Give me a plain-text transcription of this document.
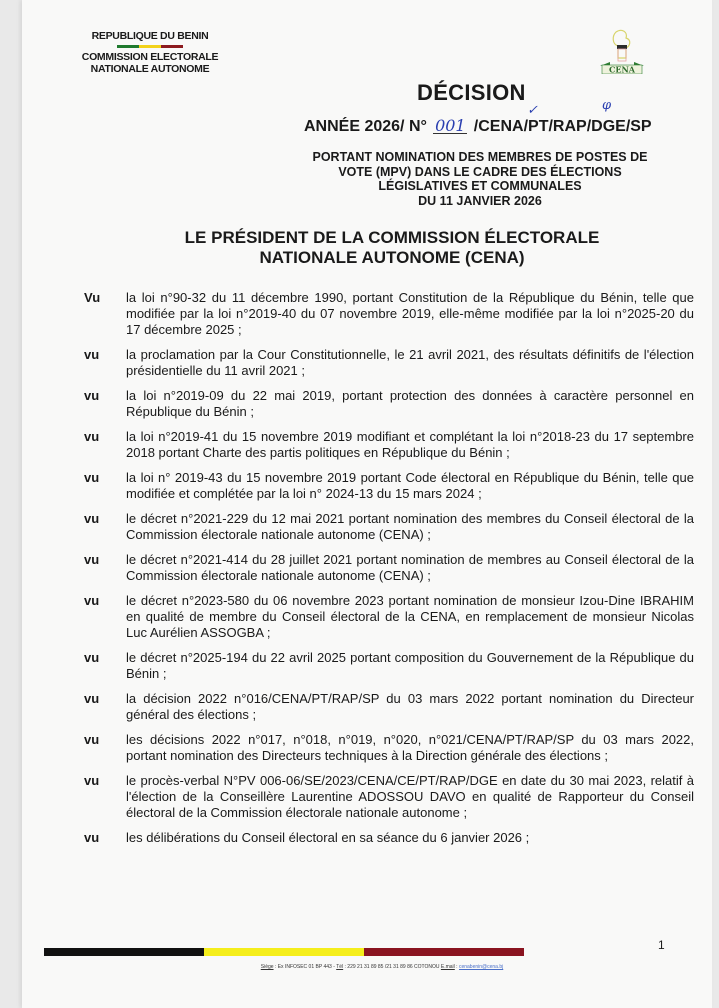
REPUBLIQUE DU BENIN
COMMISSION ELECTORALE
NATIONALE AUTONOME	CENA
✓	φ
DÉCISION
ANNÉE 2026/ N° 001 /CENA/PT/RAP/DGE/SP
PORTANT NOMINATION DES MEMBRES DE POSTES DE
VOTE (MPV) DANS LE CADRE DES ÉLECTIONS
LÉGISLATIVES ET COMMUNALES
DU 11 JANVIER 2026
LE PRÉSIDENT DE LA COMMISSION ÉLECTORALE
NATIONALE AUTONOME (CENA)
Vu	la loi n°90-32 du 11 décembre 1990, portant Constitution de la République du Bénin, telle que modifiée par la loi n°2019-40 du 07 novembre 2019, elle-même modifiée par la loi n°2025-20 du 17 décembre 2025 ;
vu	la proclamation par la Cour Constitutionnelle, le 21 avril 2021, des résultats définitifs de l'élection présidentielle du 11 avril 2021 ;
vu	la loi n°2019-09 du 22 mai 2019, portant protection des données à caractère personnel en République du Bénin ;
vu	la loi n°2019-41 du 15 novembre 2019 modifiant et complétant la loi n°2018-23 du 17 septembre 2018 portant Charte des partis politiques en République du Bénin ;
vu	la loi n° 2019-43 du 15 novembre 2019 portant Code électoral en République du Bénin, telle que modifiée et complétée par la loi n° 2024-13 du 15 mars 2024 ;
vu	le décret n°2021-229 du 12 mai 2021 portant nomination des membres du Conseil électoral de la Commission électorale nationale autonome (CENA) ;
vu	le décret n°2021-414 du 28 juillet 2021 portant nomination de membres au Conseil électoral de la Commission électorale nationale autonome (CENA) ;
vu	le décret n°2023-580 du 06 novembre 2023 portant nomination de monsieur Izou-Dine IBRAHIM en qualité de membre du Conseil électoral de la CENA, en remplacement de monsieur Nicolas Luc Aurélien ASSOGBA ;
vu	le décret n°2025-194 du 22 avril 2025 portant composition du Gouvernement de la République du Bénin ;
vu	la décision 2022 n°016/CENA/PT/RAP/SP du 03 mars 2022 portant nomination du Directeur général des élections ;
vu	les décisions 2022 n°017, n°018, n°019, n°020, n°021/CENA/PT/RAP/SP du 03 mars 2022, portant nomination des Directeurs techniques à la Direction générale des élections ;
vu	le procès-verbal N°PV 006-06/SE/2023/CENA/CE/PT/RAP/DGE en date du 30 mai 2023, relatif à l'élection de la Conseillère Laurentine ADOSSOU DAVO en qualité de Rapporteur du Conseil électoral de la Commission électorale nationale autonome ;
vu	les délibérations du Conseil électoral en sa séance du 6 janvier 2026 ;
1
Siège : Ex INFOSEC 01 BP 443 - Tél : 229 21 31 89 85 /21 31 89 86 COTONOU E.mail : cenabenin@cena.bj
